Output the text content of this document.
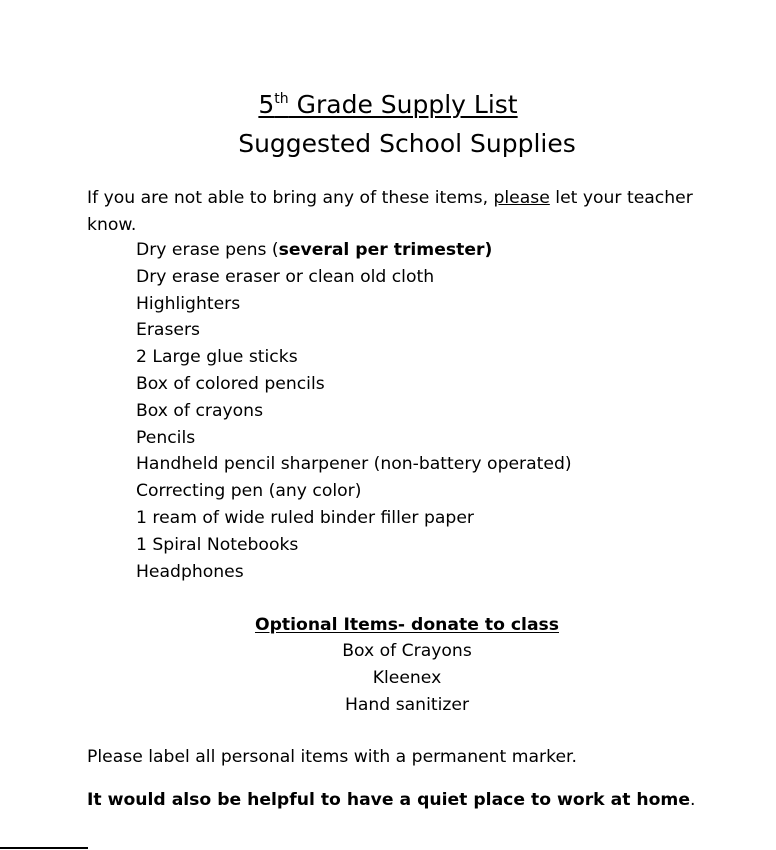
5th Grade Supply List
Suggested School Supplies
If you are not able to bring any of these items, please let your teacher know.
Dry erase pens (several per trimester)
Dry erase eraser or clean old cloth
Highlighters
Erasers
2 Large glue sticks
Box of colored pencils
Box of crayons
Pencils
Handheld pencil sharpener (non-battery operated)
Correcting pen (any color)
1 ream of wide ruled binder filler paper
1 Spiral Notebooks
Headphones
Optional Items- donate to class
Box of Crayons
Kleenex
Hand sanitizer
Please label all personal items with a permanent marker.
It would also be helpful to have a quiet place to work at home.
